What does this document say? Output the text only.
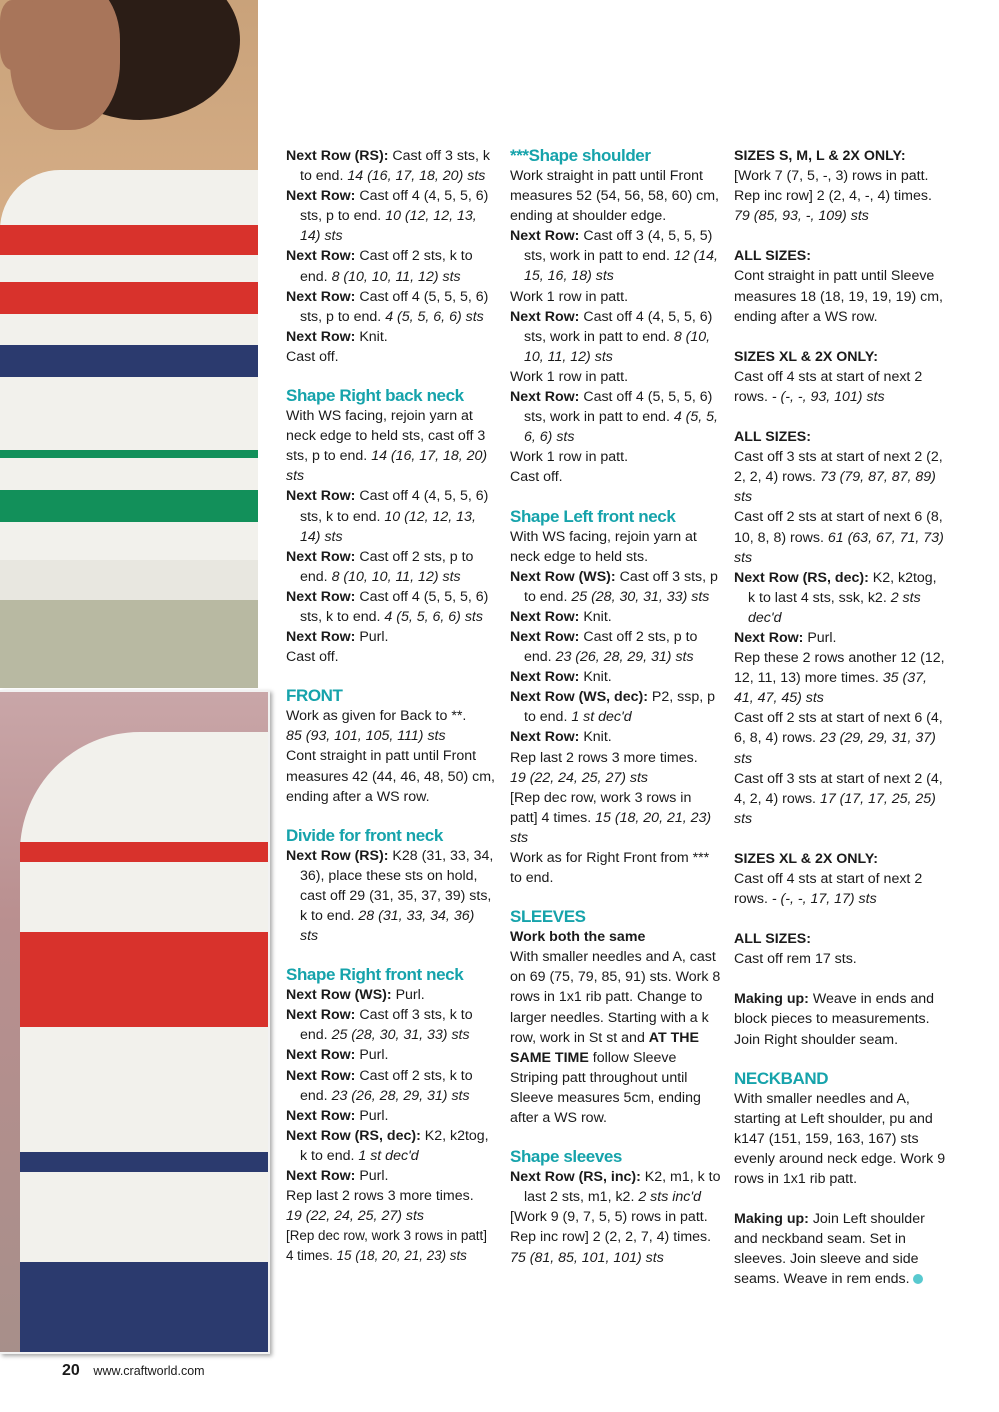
Next Row (RS): Cast off 3 sts, k to end. 14 (16, 17, 18, 20) sts

Next Row: Cast off 4 (4, 5, 5, 6) sts, p to end. 10 (12, 12, 13, 14) sts

Next Row: Cast off 2 sts, k to end. 8 (10, 10, 11, 12) sts

Next Row: Cast off 4 (5, 5, 5, 6) sts, p to end. 4 (5, 5, 6, 6) sts

Next Row: Knit.

Cast off.

Shape Right back neck

With WS facing, rejoin yarn at neck edge to held sts, cast off 3 sts, p to end. 14 (16, 17, 18, 20) sts

Next Row: Cast off 4 (4, 5, 5, 6) sts, k to end. 10 (12, 12, 13, 14) sts

Next Row: Cast off 2 sts, p to end. 8 (10, 10, 11, 12) sts

Next Row: Cast off 4 (5, 5, 5, 6) sts, k to end. 4 (5, 5, 6, 6) sts

Next Row: Purl.

Cast off.

FRONT

Work as given for Back to **.
85 (93, 101, 105, 111) sts

Cont straight in patt until Front measures 42 (44, 46, 48, 50) cm, ending after a WS row.

Divide for front neck

Next Row (RS): K28 (31, 33, 34, 36), place these sts on hold, cast off 29 (31, 35, 37, 39) sts, k to end. 28 (31, 33, 34, 36) sts

Shape Right front neck

Next Row (WS): Purl.

Next Row: Cast off 3 sts, k to end. 25 (28, 30, 31, 33) sts

Next Row: Purl.

Next Row: Cast off 2 sts, k to end. 23 (26, 28, 29, 31) sts

Next Row: Purl.

Next Row (RS, dec): K2, k2tog, k to end. 1 st dec'd

Next Row: Purl.

Rep last 2 rows 3 more times.
19 (22, 24, 25, 27) sts

[Rep dec row, work 3 rows in patt] 4 times. 15 (18, 20, 21, 23) sts

***Shape shoulder

Work straight in patt until Front measures 52 (54, 56, 58, 60) cm, ending at shoulder edge.

Next Row: Cast off 3 (4, 5, 5, 5) sts, work in patt to end. 12 (14, 15, 16, 18) sts

Work 1 row in patt.

Next Row: Cast off 4 (4, 5, 5, 6) sts, work in patt to end. 8 (10, 10, 11, 12) sts

Work 1 row in patt.

Next Row: Cast off 4 (5, 5, 5, 6) sts, work in patt to end. 4 (5, 5, 6, 6) sts

Work 1 row in patt.

Cast off.

Shape Left front neck

With WS facing, rejoin yarn at neck edge to held sts.

Next Row (WS): Cast off 3 sts, p to end. 25 (28, 30, 31, 33) sts

Next Row: Knit.

Next Row: Cast off 2 sts, p to end. 23 (26, 28, 29, 31) sts

Next Row: Knit.

Next Row (WS, dec): P2, ssp, p to end. 1 st dec'd

Next Row: Knit.

Rep last 2 rows 3 more times.
19 (22, 24, 25, 27) sts

[Rep dec row, work 3 rows in patt] 4 times. 15 (18, 20, 21, 23) sts

Work as for Right Front from *** to end.

SLEEVES

Work both the same

With smaller needles and A, cast on 69 (75, 79, 85, 91) sts. Work 8 rows in 1x1 rib patt. Change to larger needles. Starting with a k row, work in St st and AT THE SAME TIME follow Sleeve Striping patt throughout until Sleeve measures 5cm, ending after a WS row.

Shape sleeves

Next Row (RS, inc): K2, m1, k to last 2 sts, m1, k2. 2 sts inc'd

[Work 9 (9, 7, 5, 5) rows in patt. Rep inc row] 2 (2, 2, 7, 4) times. 75 (81, 85, 101, 101) sts

SIZES S, M, L & 2X ONLY:

[Work 7 (7, 5, -, 3) rows in patt. Rep inc row] 2 (2, 4, -, 4) times. 79 (85, 93, -, 109) sts

ALL SIZES:

Cont straight in patt until Sleeve measures 18 (18, 19, 19, 19) cm, ending after a WS row.

SIZES XL & 2X ONLY:

Cast off 4 sts at start of next 2 rows. - (-, -, 93, 101) sts

ALL SIZES:

Cast off 3 sts at start of next 2 (2, 2, 2, 4) rows. 73 (79, 87, 87, 89) sts

Cast off 2 sts at start of next 6 (8, 10, 8, 8) rows. 61 (63, 67, 71, 73) sts

Next Row (RS, dec): K2, k2tog, k to last 4 sts, ssk, k2. 2 sts dec'd

Next Row: Purl.

Rep these 2 rows another 12 (12, 12, 11, 13) more times. 35 (37, 41, 47, 45) sts

Cast off 2 sts at start of next 6 (4, 6, 8, 4) rows. 23 (29, 29, 31, 37) sts

Cast off 3 sts at start of next 2 (4, 4, 2, 4) rows. 17 (17, 17, 25, 25) sts

SIZES XL & 2X ONLY:

Cast off 4 sts at start of next 2 rows. - (-, -, 17, 17) sts

ALL SIZES:

Cast off rem 17 sts.

Making up: Weave in ends and block pieces to measurements. Join Right shoulder seam.

NECKBAND

With smaller needles and A, starting at Left shoulder, pu and k147 (151, 159, 163, 167) sts evenly around neck edge. Work 9 rows in 1x1 rib patt.

Making up: Join Left shoulder and neckband seam. Set in sleeves. Join sleeve and side seams. Weave in rem ends.

20 www.craftworld.com
